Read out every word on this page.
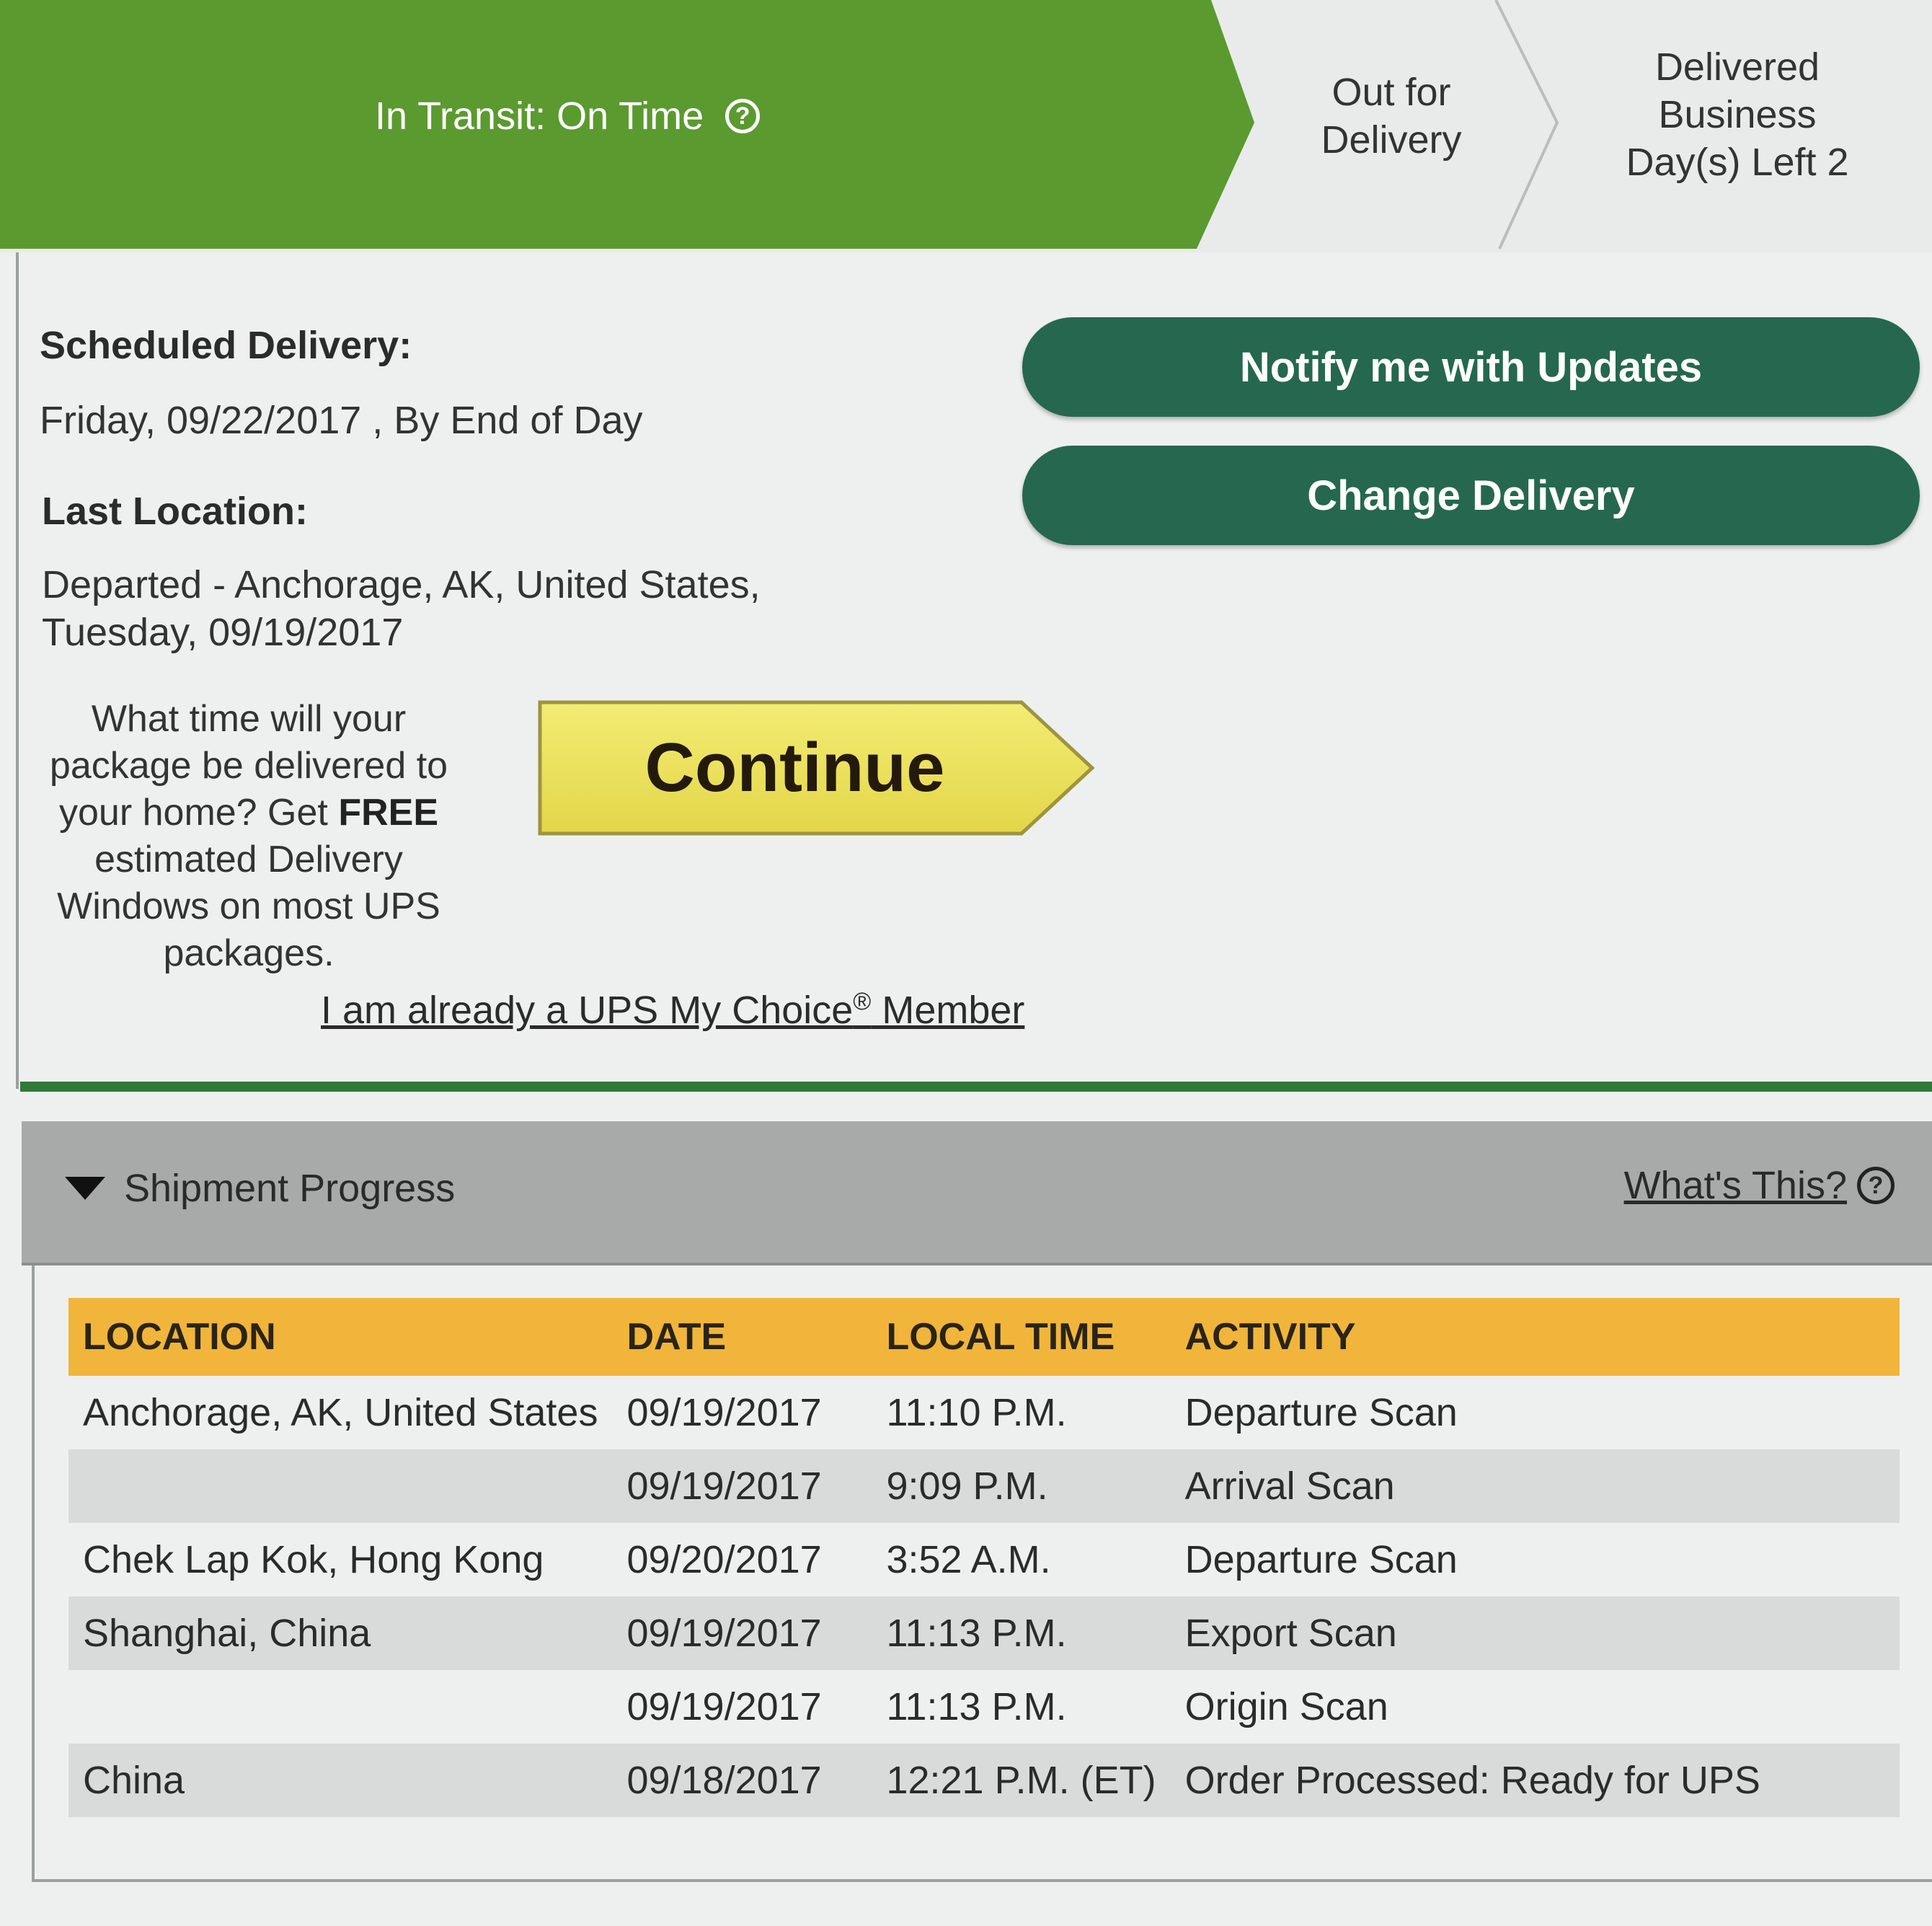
In Transit: On Time	?
Out for
Delivery
Delivered
Business
Day(s) Left 2
Scheduled Delivery:
Friday, 09/22/2017 , By End of Day
Last Location:
Departed - Anchorage, AK, United States,
Tuesday, 09/19/2017
Notify me with Updates
Change Delivery
What time will your package be delivered to your home? Get FREE estimated Delivery Windows on most UPS packages.
Continue
I am already a UPS My Choice® Member
Shipment Progress	What's This? ?
LOCATION	DATE	LOCAL TIME	ACTIVITY
Anchorage, AK, United States	09/19/2017	11:10 P.M.	Departure Scan
	09/19/2017	9:09 P.M.	Arrival Scan
Chek Lap Kok, Hong Kong	09/20/2017	3:52 A.M.	Departure Scan
Shanghai, China	09/19/2017	11:13 P.M.	Export Scan
	09/19/2017	11:13 P.M.	Origin Scan
China	09/18/2017	12:21 P.M. (ET)	Order Processed: Ready for UPS
